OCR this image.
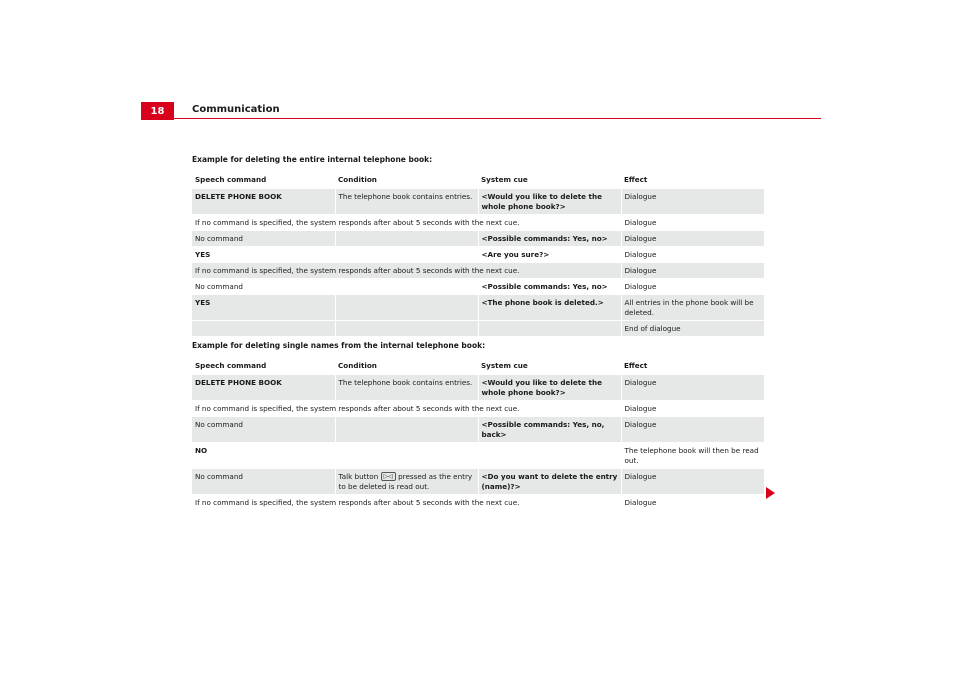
18	Communication
Example for deleting the entire internal telephone book:
Speech command	Condition	System cue	Effect
DELETE PHONE BOOK	The telephone book contains entries.	<Would you like to delete the whole phone book?>	Dialogue
If no command is specified, the system responds after about 5 seconds with the next cue.			Dialogue
No command		<Possible commands: Yes, no>	Dialogue
YES		<Are you sure?>	Dialogue
If no command is specified, the system responds after about 5 seconds with the next cue.			Dialogue
No command		<Possible commands: Yes, no>	Dialogue
YES		<The phone book is deleted.>	All entries in the phone book will be deleted.
			End of dialogue
Example for deleting single names from the internal telephone book:
Speech command	Condition	System cue	Effect
DELETE PHONE BOOK	The telephone book contains entries.	<Would you like to delete the whole phone book?>	Dialogue
If no command is specified, the system responds after about 5 seconds with the next cue.			Dialogue
No command		<Possible commands: Yes, no, back>	Dialogue
NO			The telephone book will then be read out.
No command	Talk button ▷◁ pressed as the entry to be deleted is read out.	<Do you want to delete the entry (name)?>	Dialogue
If no command is specified, the system responds after about 5 seconds with the next cue.			Dialogue
